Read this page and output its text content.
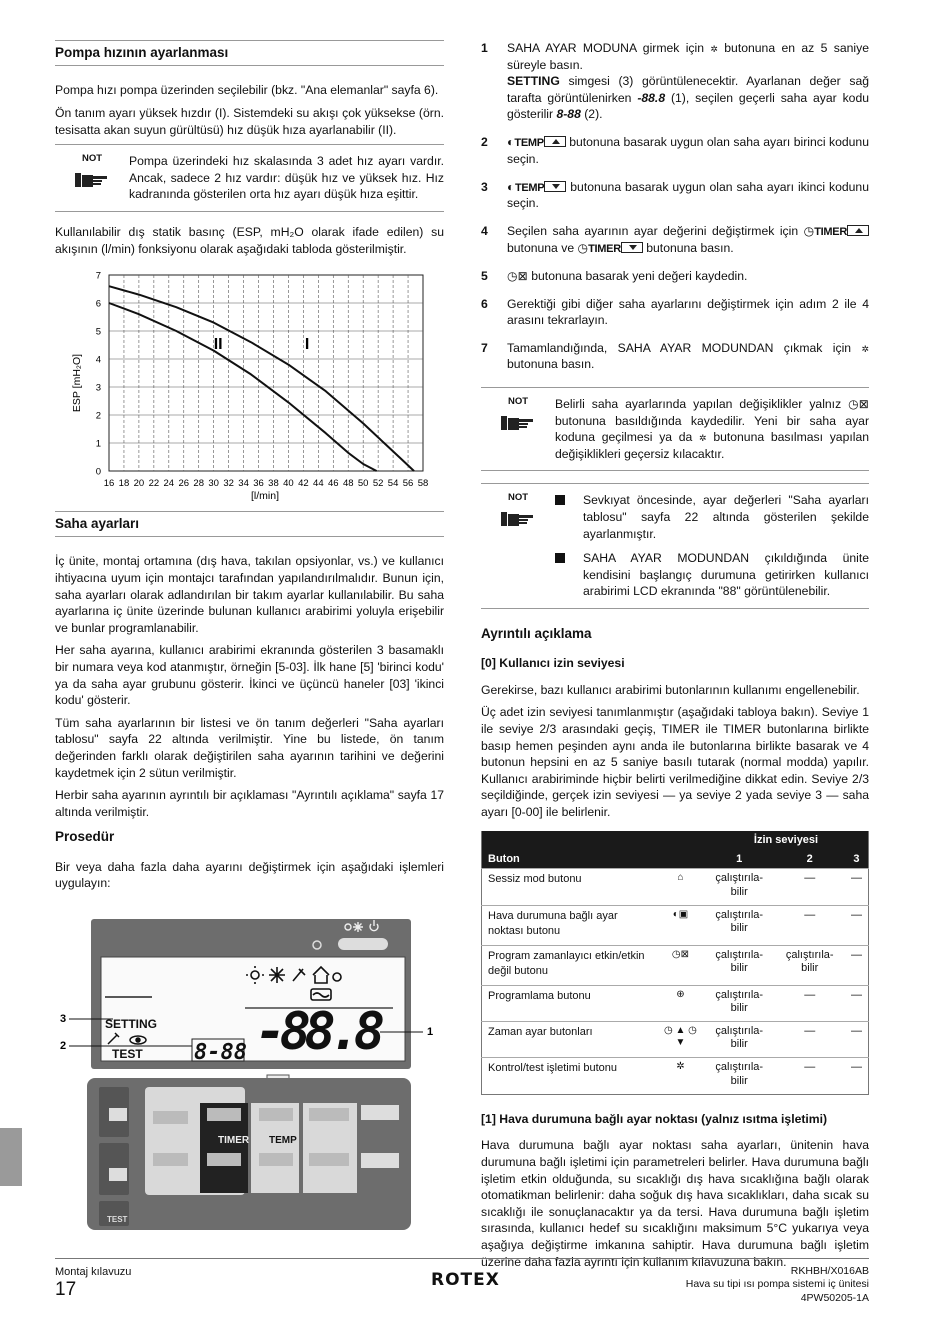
Pompa hızının ayarlanması

Pompa hızı pompa üzerinden seçilebilir (bkz. "Ana elemanlar" sayfa 6).

Ön tanım ayarı yüksek hızdır (I). Sistemdeki su akışı çok yüksekse (örn. tesisatta akan suyun gürültüsü) hız düşük hıza ayarlanabilir (II).

NOT	Pompa üzerindeki hız skalasında 3 adet hız ayarı vardır. Ancak, sadece 2 hız vardır: düşük hız ve yüksek hız. Hız kadranında gösterilen orta hız ayarı düşük hıza eşittir.

Kullanılabilir dış statik basınç (ESP, mH₂O olarak ifade edilen) su akışının (l/min) fonksiyonu olarak aşağıdaki tabloda gösterilmiştir.

16 18 20 22 24 26 28 30 32 34 36 38 40 42 44 46 48 50 52 54 56 58
0
1
2
3
4
5
6
7
I
II
ESP [mH₂O]
[l/min]
Saha ayarları

İç ünite, montaj ortamına (dış hava, takılan opsiyonlar, vs.) ve kullanıcı ihtiyacına uyum için montajcı tarafından yapılandırılmalıdır. Bunun için, saha ayarları olarak adlandırılan bir takım ayarlar kullanılabilir. Bu saha ayarlarına iç ünite üzerinde bulunan kullanıcı arabirimi yoluyla erişebilir ve bunlar programlanabilir.

Her saha ayarına, kullanıcı arabirimi ekranında gösterilen 3 basamaklı bir numara veya kod atanmıştır, örneğin [5-03]. İlk hane [5] 'birinci kodu' ya da saha ayar grubunu gösterir. İkinci ve üçüncü haneler [03] 'ikinci kodu' gösterir.

Tüm saha ayarlarının bir listesi ve ön tanım değerleri "Saha ayarları tablosu" sayfa 22 altında verilmiştir. Yine bu listede, ön tanım değerinden farklı olarak değiştirilen saha ayarının tarihini ve değerini kaydetmek için 2 sütun verilmiştir.

Herbir saha ayarının ayrıntılı bir açıklaması "Ayrıntılı açıklama" sayfa 17 altında verilmiştir.

Prosedür

Bir veya daha fazla daha ayarını değiştirmek için aşağıdaki işlemleri uygulayın:

SETTING
TEST 8-88 -88.8
3
2
1
TEST
TIMER TEMP
1	SAHA AYAR MODUNA girmek için ✲ butonuna en az 5 saniye süreyle basın.
SETTING simgesi (3) görüntülenecektir. Ayarlanan değer sağ tarafta görüntülenirken -88.8 (1), seçilen geçerli saha ayar kodu gösterilir 8-88 (2).
2	◐TEMP butonuna basarak uygun olan saha ayarı birinci kodunu seçin.
3	◐TEMP butonuna basarak uygun olan saha ayarı ikinci kodunu seçin.
4	Seçilen saha ayarının ayar değerini değiştirmek için ◷TIMER butonuna ve ◷TIMER butonuna basın.
5	◷⊠ butonuna basarak yeni değeri kaydedin.
6	Gerektiği gibi diğer saha ayarlarını değiştirmek için adım 2 ile 4 arasını tekrarlayın.
7	Tamamlandığında, SAHA AYAR MODUNDAN çıkmak için ✲ butonuna basın.
NOT	Belirli saha ayarlarında yapılan değişiklikler yalnız ◷⊠ butonuna basıldığında kaydedilir. Yeni bir saha ayar koduna geçilmesi ya da ✲ butonuna basılması yapılan değişiklikleri geçersiz kılacaktır.
NOT	Sevkıyat öncesinde, ayar değerleri "Saha ayarları tablosu" sayfa 22 altında gösterilen şekilde ayarlanmıştır.
SAHA AYAR MODUNDAN çıkıldığında ünite kendisini başlangıç durumuna getirirken kullanıcı arabirimi LCD ekranında "88" görüntülenebilir.
Ayrıntılı açıklama
[0] Kullanıcı izin seviyesi

Gerekirse, bazı kullanıcı arabirimi butonlarının kullanımı engellenebilir.

Üç adet izin seviyesi tanımlanmıştır (aşağıdaki tabloya bakın). Seviye 1 ile seviye 2/3 arasındaki geçiş, TIMER ile TIMER butonlarına birlikte basıp hemen peşinden aynı anda ile butonlarına birlikte basarak ve 4 butonun hepsini en az 5 saniye basılı tutarak (normal modda) yapılır. Kullanıcı arabiriminde hiçbir belirti verilmediğine dikkat edin. Seviye 2/3 seçildiğinde, gerçek izin seviyesi — ya seviye 2 yada seviye 3 — saha ayarı [0-00] ile belirlenir.

		İzin seviyesi		
Buton		1	2	3
Sessiz mod butonu	⌂	çalıştırıla-bilir	—	—
Hava durumuna bağlı ayar noktası butonu	◐▣	çalıştırıla-bilir	—	—
Program zamanlayıcı etkin/etkin değil butonu	◷⊠	çalıştırıla-bilir	çalıştırıla-bilir	—
Programlama butonu	⊕	çalıştırıla-bilir	—	—
Zaman ayar butonları	◷ ▲ ◷ ▼	çalıştırıla-bilir	—	—
Kontrol/test işletimi butonu	✲	çalıştırıla-bilir	—	—
[1] Hava durumuna bağlı ayar noktası (yalnız ısıtma işletimi)

Hava durumuna bağlı ayar noktası saha ayarları, ünitenin hava durumuna bağlı işletimi için parametreleri belirler. Hava durumuna bağlı işletim etkin olduğunda, su sıcaklığı dış hava sıcaklığına bağlı olarak otomatikman belirlenir: daha soğuk dış hava sıcaklıkları, daha sıcak su sıcaklığı ile sonuçlanacaktır ya da tersi. Hava durumuna bağlı işletim sırasında, kullanıcı hedef su sıcaklığını maksimum 5°C yukarıya veya aşağıya değiştirme imkanına sahiptir. Hava durumuna bağlı işletim üzerine daha fazla ayrıntı için kullanım kılavuzuna bakın.

Montaj kılavuzu
17	ROTEX	RKHBH/X016AB
Hava su tipi ısı pompa sistemi iç ünitesi
4PW50205-1A
